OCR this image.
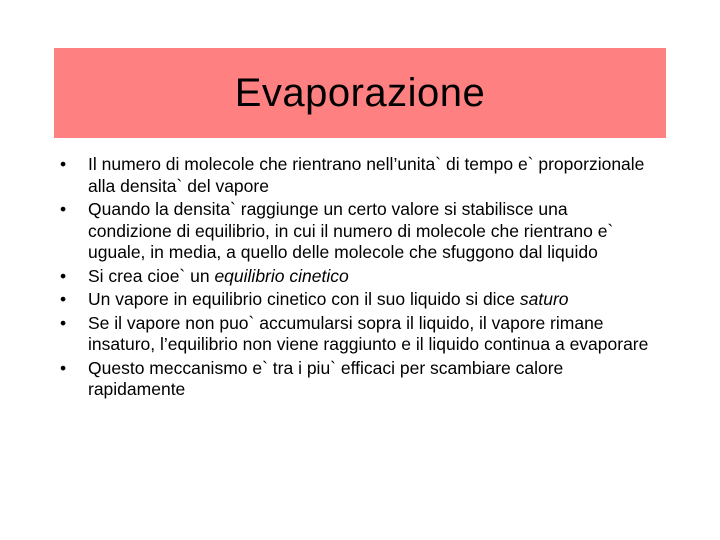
Evaporazione
•	Il numero di molecole che rientrano nell’unita` di tempo e` proporzionale alla densita` del vapore
•	Quando la densita` raggiunge un certo valore si stabilisce una condizione di equilibrio, in cui il numero di molecole che rientrano e` uguale, in media, a quello delle molecole che sfuggono dal liquido
•	Si crea cioe` un equilibrio cinetico
•	Un vapore in equilibrio cinetico con il suo liquido si dice saturo
•	Se il vapore non puo` accumularsi sopra il liquido, il vapore rimane insaturo, l’equilibrio non viene raggiunto e il liquido continua a evaporare
•	Questo meccanismo e` tra i piu` efficaci per scambiare calore rapidamente
